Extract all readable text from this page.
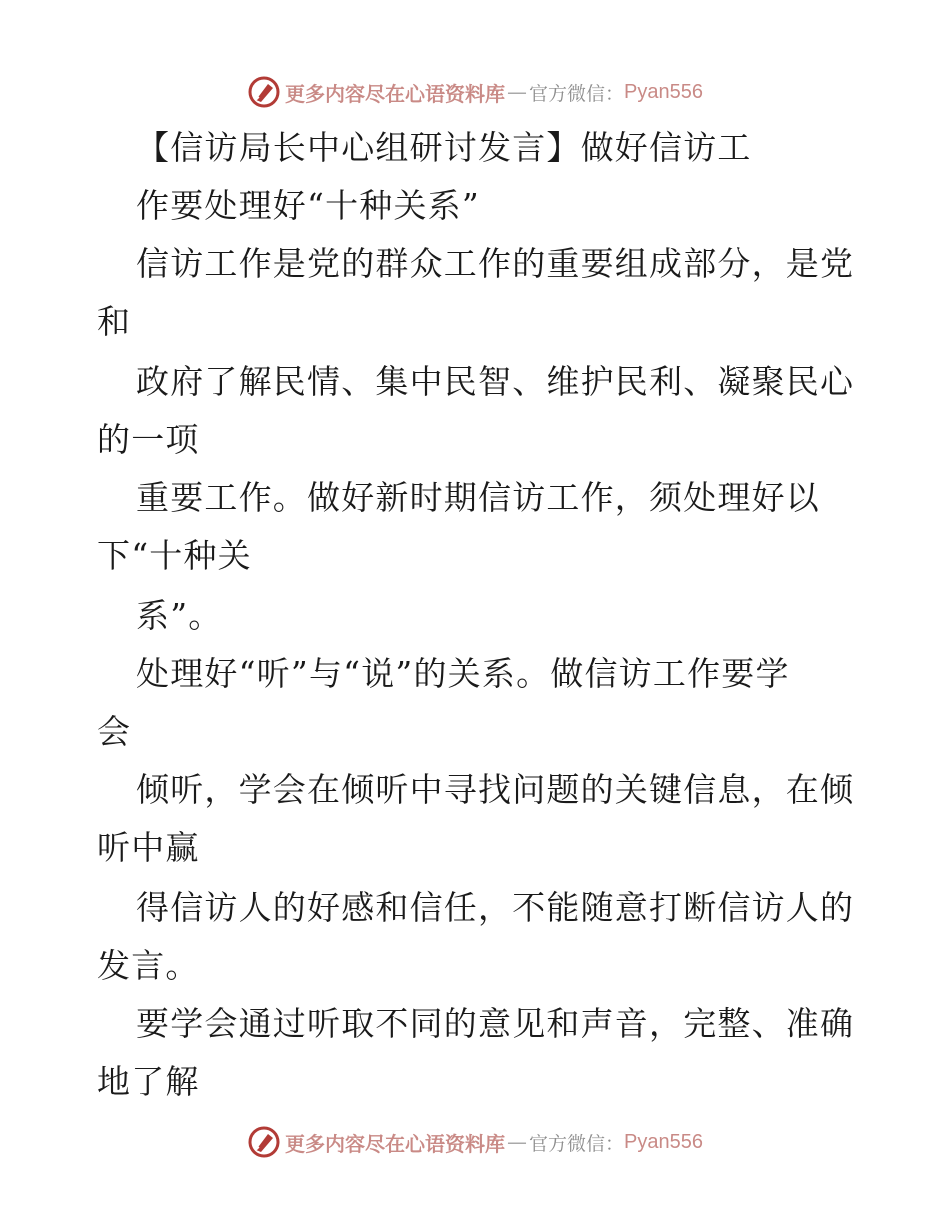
更多内容尽在心语资料库 — 官方微信： Pyan556
【信访局长中心组研讨发言】做好信访工
作要处理好“十种关系”
信访工作是党的群众工作的重要组成部分，是党
和
政府了解民情、集中民智、维护民利、凝聚民心
的一项
重要工作。做好新时期信访工作，须处理好以
下“十种关
系”。
处理好“听”与“说”的关系。做信访工作要学
会
倾听，学会在倾听中寻找问题的关键信息，在倾
听中赢
得信访人的好感和信任，不能随意打断信访人的
发言。
要学会通过听取不同的意见和声音，完整、准确
地了解
更多内容尽在心语资料库 — 官方微信： Pyan556
